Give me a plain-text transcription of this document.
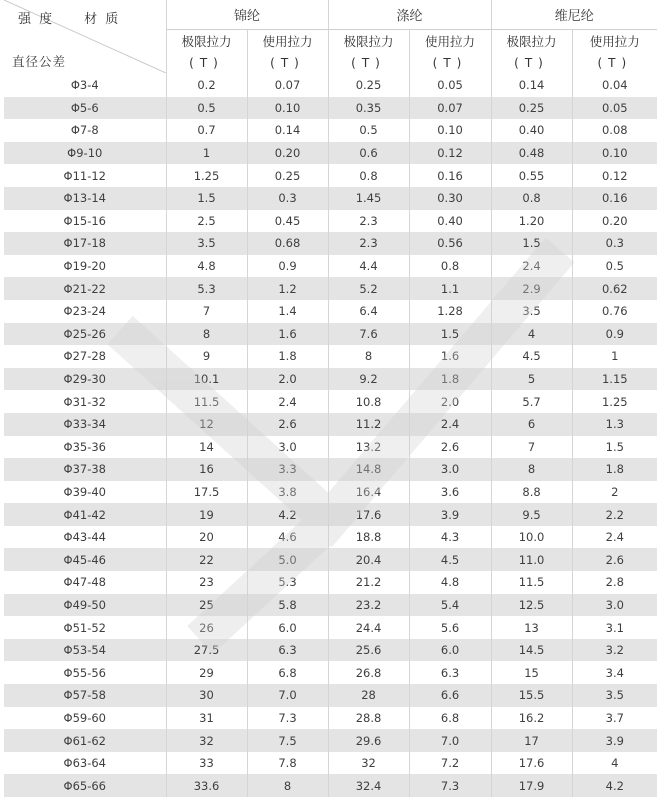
强 度　　材 质
直径公差	锦纶		涤纶		维尼纶	
	极限拉力	使用拉力	极限拉力	使用拉力	极限拉力	使用拉力
	(T)	(T)	(T)	(T)	(T)	(T)
Φ3-4	0.2	0.07	0.25	0.05	0.14	0.04
Φ5-6	0.5	0.10	0.35	0.07	0.25	0.05
Φ7-8	0.7	0.14	0.5	0.10	0.40	0.08
Φ9-10	1	0.20	0.6	0.12	0.48	0.10
Φ11-12	1.25	0.25	0.8	0.16	0.55	0.12
Φ13-14	1.5	0.3	1.45	0.30	0.8	0.16
Φ15-16	2.5	0.45	2.3	0.40	1.20	0.20
Φ17-18	3.5	0.68	2.3	0.56	1.5	0.3
Φ19-20	4.8	0.9	4.4	0.8	2.4	0.5
Φ21-22	5.3	1.2	5.2	1.1	2.9	0.62
Φ23-24	7	1.4	6.4	1.28	3.5	0.76
Φ25-26	8	1.6	7.6	1.5	4	0.9
Φ27-28	9	1.8	8	1.6	4.5	1
Φ29-30	10.1	2.0	9.2	1.8	5	1.15
Φ31-32	11.5	2.4	10.8	2.0	5.7	1.25
Φ33-34	12	2.6	11.2	2.4	6	1.3
Φ35-36	14	3.0	13.2	2.6	7	1.5
Φ37-38	16	3.3	14.8	3.0	8	1.8
Φ39-40	17.5	3.8	16.4	3.6	8.8	2
Φ41-42	19	4.2	17.6	3.9	9.5	2.2
Φ43-44	20	4.6	18.8	4.3	10.0	2.4
Φ45-46	22	5.0	20.4	4.5	11.0	2.6
Φ47-48	23	5.3	21.2	4.8	11.5	2.8
Φ49-50	25	5.8	23.2	5.4	12.5	3.0
Φ51-52	26	6.0	24.4	5.6	13	3.1
Φ53-54	27.5	6.3	25.6	6.0	14.5	3.2
Φ55-56	29	6.8	26.8	6.3	15	3.4
Φ57-58	30	7.0	28	6.6	15.5	3.5
Φ59-60	31	7.3	28.8	6.8	16.2	3.7
Φ61-62	32	7.5	29.6	7.0	17	3.9
Φ63-64	33	7.8	32	7.2	17.6	4
Φ65-66	33.6	8	32.4	7.3	17.9	4.2
